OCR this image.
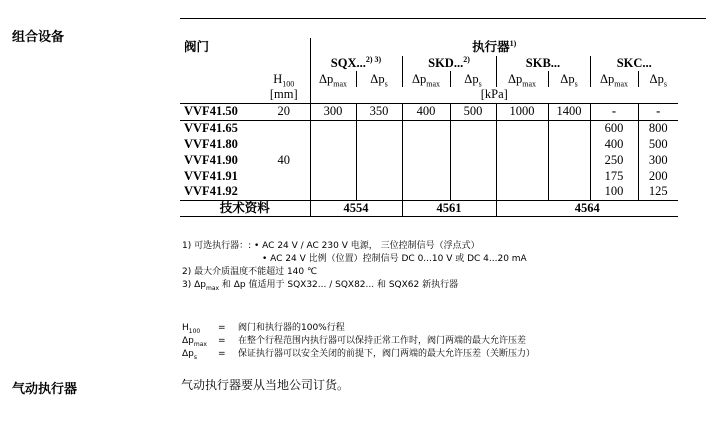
组合设备
阀门		执行器$^{1)}$
		SQX...$^{2) 3)}$		SKD...$^{2)}$		SKB...		SKC...	
	$H_{100}$	$\Delta p_{max}$	$\Delta p_s$	$\Delta p_{max}$	$\Delta p_s$	$\Delta p_{max}$	$\Delta p_s$	$\Delta p_{max}$	$\Delta p_s$
	[mm]	[kPa]							
VVF41.50	20	300	350	400	500	1000	1400	-	-
VVF41.65	40							600	800
VVF41.80								400	500
VVF41.90								250	300
VVF41.91								175	200
VVF41.92								100	125
技术资料		4554		4561		4564			
1) 可选执行器：: • AC 24 V / AC 230 V 电源， 三位控制信号（浮点式）
• AC 24 V 比例（位置）控制信号 DC 0...10 V 或 DC 4...20 mA
2) 最大介质温度不能超过 140 ℃
3) $\Delta p_{max}$ 和 Δp 值适用于 SQX32... / SQX82... 和 SQX62 新执行器
$H_{100}$	=	阀门和执行器的100%行程
$\Delta p_{max}$	=	在整个行程范围内执行器可以保持正常工作时，阀门两端的最大允许压差
$\Delta p_s$	=	保证执行器可以安全关闭的前提下，阀门两端的最大允许压差（关断压力）
气动执行器	气动执行器要从当地公司订货。
